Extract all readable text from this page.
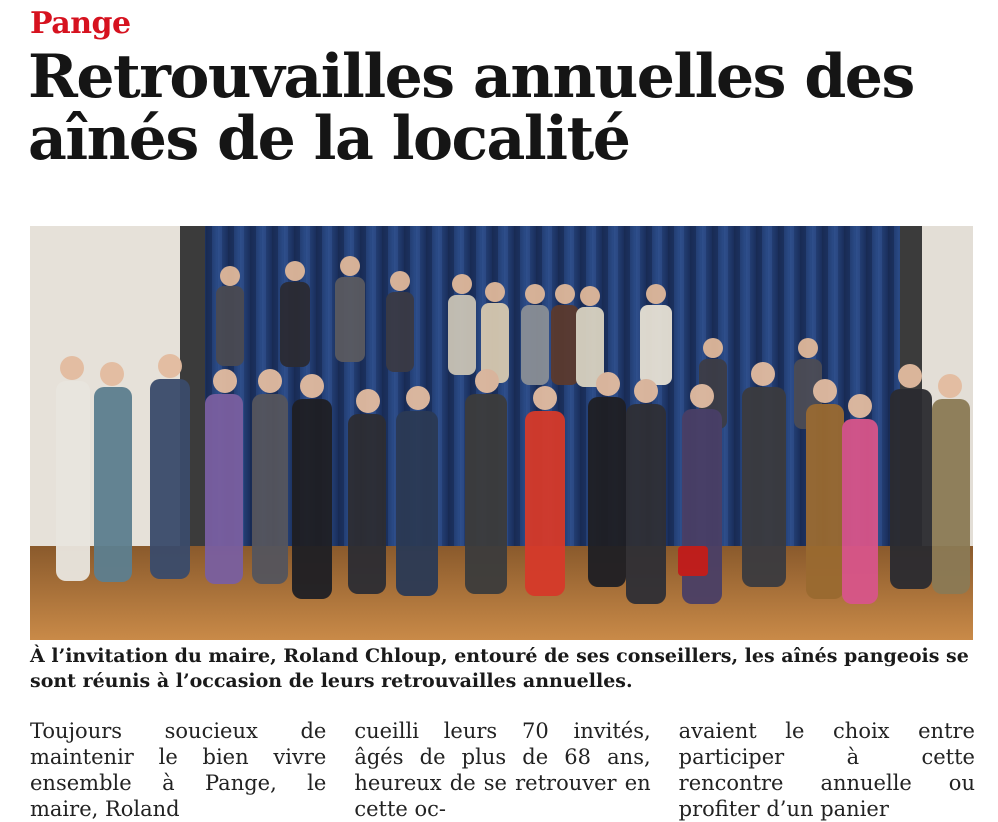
Pange
Retrouvailles annuelles des aînés de la localité

À l’invitation du maire, Roland Chloup, entouré de ses conseillers, les aînés pangeois se sont réunis à l’occasion de leurs retrouvailles annuelles.

Toujours soucieux de maintenir le bien vivre ensemble à Pange, le maire, Roland

cueilli leurs 70 invités, âgés de plus de 68 ans, heureux de se retrouver en cette oc-

avaient le choix entre participer à cette rencontre annuelle ou profiter d’un panier
